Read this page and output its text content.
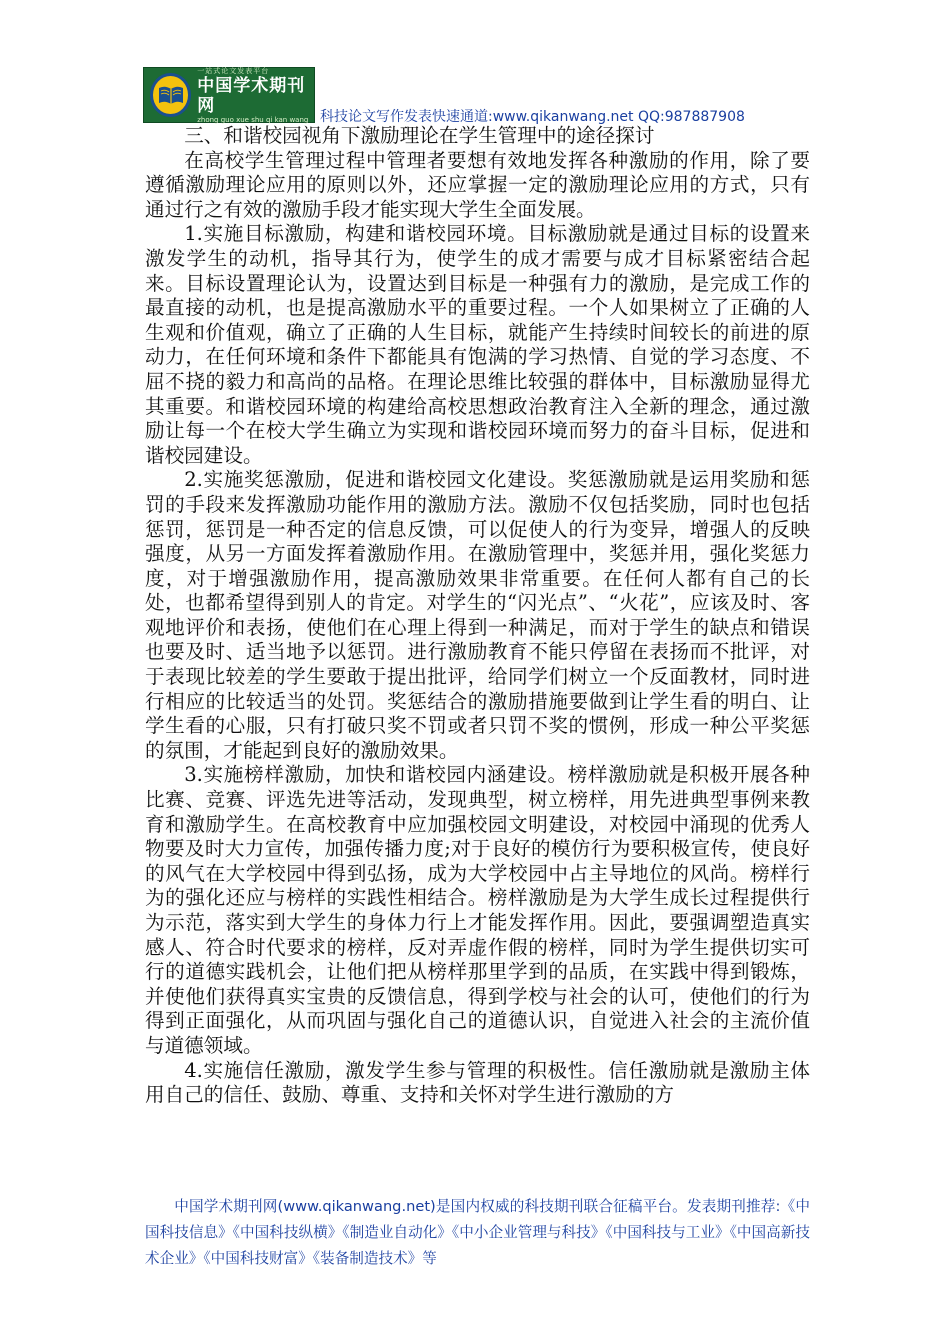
一站式论文发表平台
中国学术期刊网
zhong guo xue shu qi kan wang 科技论文写作发表快速通道:www.qikanwang.net QQ:987887908

三、和谐校园视角下激励理论在学生管理中的途径探讨

在高校学生管理过程中管理者要想有效地发挥各种激励的作用，除了要遵循激励理论应用的原则以外，还应掌握一定的激励理论应用的方式，只有通过行之有效的激励手段才能实现大学生全面发展。

1.实施目标激励，构建和谐校园环境。目标激励就是通过目标的设置来激发学生的动机，指导其行为，使学生的成才需要与成才目标紧密结合起来。目标设置理论认为，设置达到目标是一种强有力的激励，是完成工作的最直接的动机，也是提高激励水平的重要过程。一个人如果树立了正确的人生观和价值观，确立了正确的人生目标，就能产生持续时间较长的前进的原动力，在任何环境和条件下都能具有饱满的学习热情、自觉的学习态度、不屈不挠的毅力和高尚的品格。在理论思维比较强的群体中，目标激励显得尤其重要。和谐校园环境的构建给高校思想政治教育注入全新的理念，通过激励让每一个在校大学生确立为实现和谐校园环境而努力的奋斗目标，促进和谐校园建设。

2.实施奖惩激励，促进和谐校园文化建设。奖惩激励就是运用奖励和惩罚的手段来发挥激励功能作用的激励方法。激励不仅包括奖励，同时也包括惩罚，惩罚是一种否定的信息反馈，可以促使人的行为变异，增强人的反映强度，从另一方面发挥着激励作用。在激励管理中，奖惩并用，强化奖惩力度，对于增强激励作用，提高激励效果非常重要。在任何人都有自己的长处，也都希望得到别人的肯定。对学生的“闪光点”、“火花”，应该及时、客观地评价和表扬，使他们在心理上得到一种满足，而对于学生的缺点和错误也要及时、适当地予以惩罚。进行激励教育不能只停留在表扬而不批评，对于表现比较差的学生要敢于提出批评，给同学们树立一个反面教材，同时进行相应的比较适当的处罚。奖惩结合的激励措施要做到让学生看的明白、让学生看的心服，只有打破只奖不罚或者只罚不奖的惯例，形成一种公平奖惩的氛围，才能起到良好的激励效果。

3.实施榜样激励，加快和谐校园内涵建设。榜样激励就是积极开展各种比赛、竞赛、评选先进等活动，发现典型，树立榜样，用先进典型事例来教育和激励学生。在高校教育中应加强校园文明建设，对校园中涌现的优秀人物要及时大力宣传，加强传播力度;对于良好的模仿行为要积极宣传，使良好的风气在大学校园中得到弘扬，成为大学校园中占主导地位的风尚。榜样行为的强化还应与榜样的实践性相结合。榜样激励是为大学生成长过程提供行为示范，落实到大学生的身体力行上才能发挥作用。因此，要强调塑造真实感人、符合时代要求的榜样，反对弄虚作假的榜样，同时为学生提供切实可行的道德实践机会，让他们把从榜样那里学到的品质，在实践中得到锻炼，并使他们获得真实宝贵的反馈信息，得到学校与社会的认可，使他们的行为得到正面强化，从而巩固与强化自己的道德认识，自觉进入社会的主流价值与道德领域。

4.实施信任激励，激发学生参与管理的积极性。信任激励就是激励主体用自己的信任、鼓励、尊重、支持和关怀对学生进行激励的方

中国学术期刊网(www.qikanwang.net)是国内权威的科技期刊联合征稿平台。发表期刊推荐:《中国科技信息》《中国科技纵横》《制造业自动化》《中小企业管理与科技》《中国科技与工业》《中国高新技术企业》《中国科技财富》《装备制造技术》等
